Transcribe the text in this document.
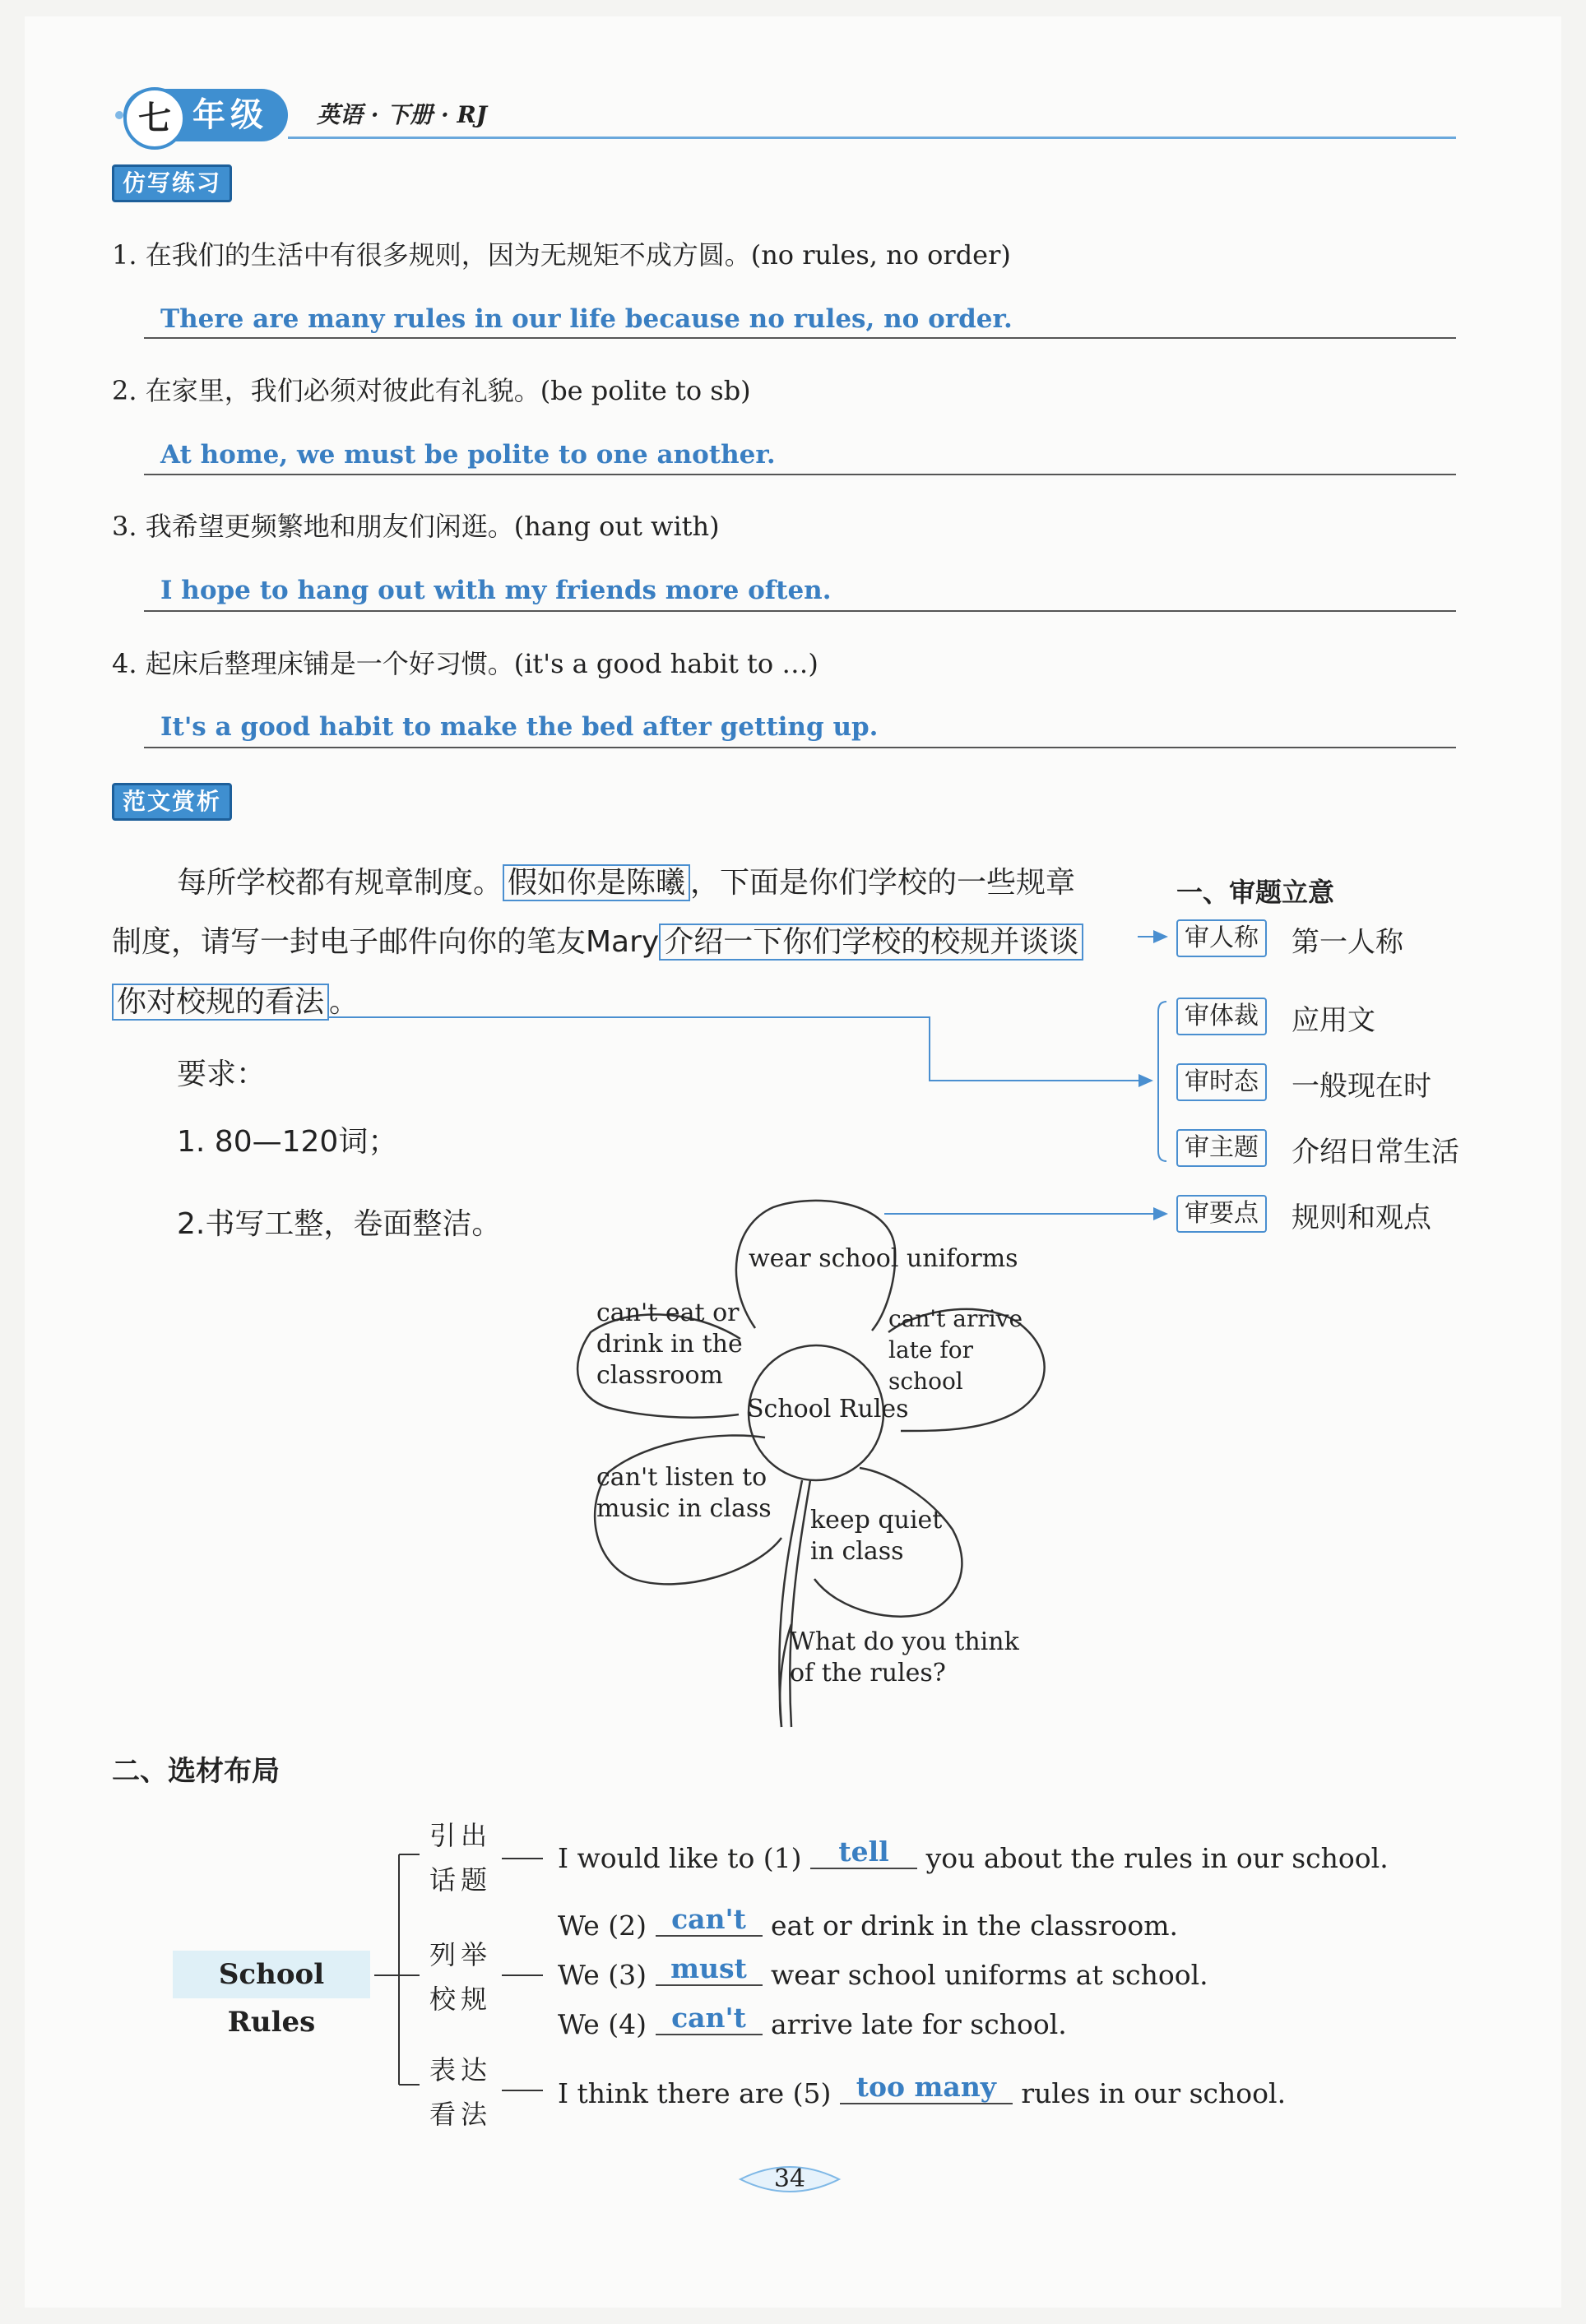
年级
七	英语 · 下册 · RJ
仿写练习
1. 在我们的生活中有很多规则，因为无规矩不成方圆。(no rules, no order)
There are many rules in our life because no rules, no order.
2. 在家里，我们必须对彼此有礼貌。(be polite to sb)
At home, we must be polite to one another.
3. 我希望更频繁地和朋友们闲逛。(hang out with)
I hope to hang out with my friends more often.
4. 起床后整理床铺是一个好习惯。(it's a good habit to …)
It's a good habit to make the bed after getting up.
范文赏析
每所学校都有规章制度。 假如你是陈曦 ，下面是你们学校的一些规章
制度，请写一封电子邮件向你的笔友Mary 介绍一下你们学校的校规并谈谈
你对校规的看法 。
要求：
1. 80—120词；
2.书写工整，卷面整洁。
一、审题立意
审人称 第一人称
审体裁 应用文
审时态 一般现在时
审主题 介绍日常生活
审要点 规则和观点
wear school uniforms
can't eat or drink in the classroom
can't arrive late for school
School Rules
can't listen to music in class	keep quiet in class
What do you think of the rules?
二、选材布局
School Rules
引出话题
列举校规
表达看法
I would like to (1) tell you about the rules in our school.
We (2) can't eat or drink in the classroom.
We (3) must wear school uniforms at school.
We (4) can't arrive late for school.
I think there are (5) too many rules in our school.
34
